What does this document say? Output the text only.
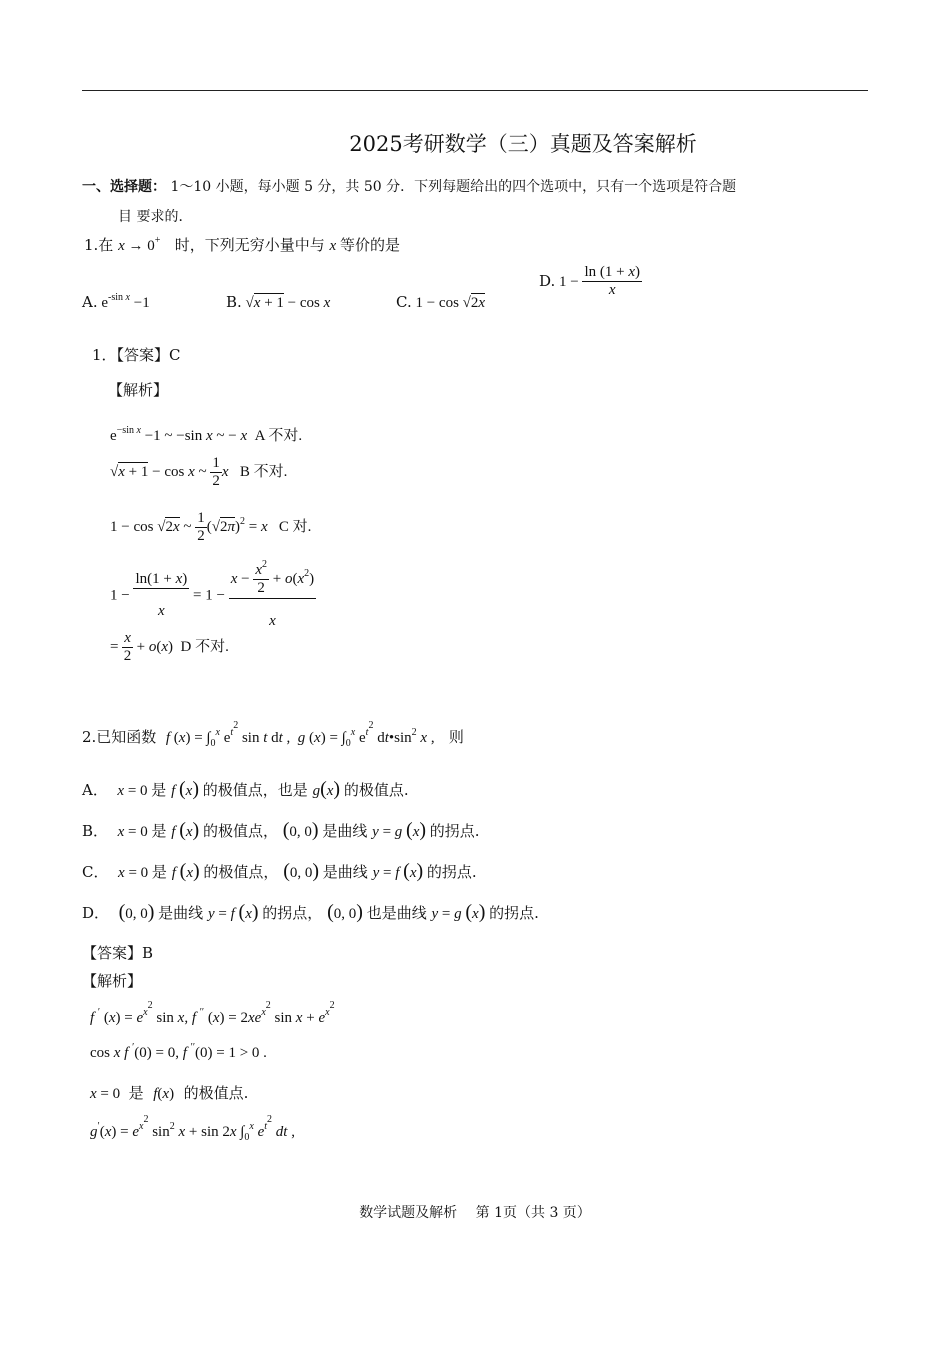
2025考研数学（三）真题及答案解析
一、选择题： 1～10 小题，每小题 5 分，共 50 分．下列每题给出的四个选项中，只有一个选项是符合题
目 要求的．
1.在 x → 0+ 时，下列无穷小量中与 x 等价的是
A. $e^{-sin x} -1$	B. √x + 1 − cos x	C. 1 − cos √2x
D. $1 - \frac{\ln (1 + x)}{x}$
1．【答案】C
【解析】
$e^{-sin x} -1$ ~ −sin x ~ − x A 不对.
√x + 1 − cos x ~ $\frac{1}{2}$ x B 不对.
1 − cos √2x ~ $\frac{1}{2} (√2\pi)^2 = x$ C 对.
$1 - \frac{\ln(1 + x)}{x} = 1 - \frac{x - \frac{x^2}{2} + o(x^2)}{x}$
= $\frac{x}{2} + o(x)$  D 不对.
2.已知函数 f $(x) = \int_0^x$ $e^{t^2}$ sin t dt ,  g $(x) = \int_0^x$ $e^{t^2}$ $dt•\sin^2$ x , 则
A． x = 0 是 f (x) 的极值点，也是 g(x) 的极值点.
B． x = 0 是 f (x) 的极值点， (0, 0) 是曲线 y = g (x) 的拐点.
C． x = 0 是 f (x) 的极值点， (0, 0) 是曲线 y = f (x) 的拐点.
D． (0, 0) 是曲线 y = f (x) 的拐点， (0, 0) 也是曲线 y = g (x) 的拐点.
【答案】B
【解析】
f ′ $(x) = e^{x^2}$ sin x, f ′′ $(x) = 2xe^{x^2}$ $\sin x + e^{x^2}$
cos x f ′(0) = 0, f ′′(0) = 1 > 0 .
x = 0  是 f(x) 的极值点.
$g'(x) = e^{x^2}$ $\sin^2 x + \sin 2x$ $\int_0^x$ $e^{t^2}$ dt ,
数学试题及解析　 第 1页（共 3 页）
